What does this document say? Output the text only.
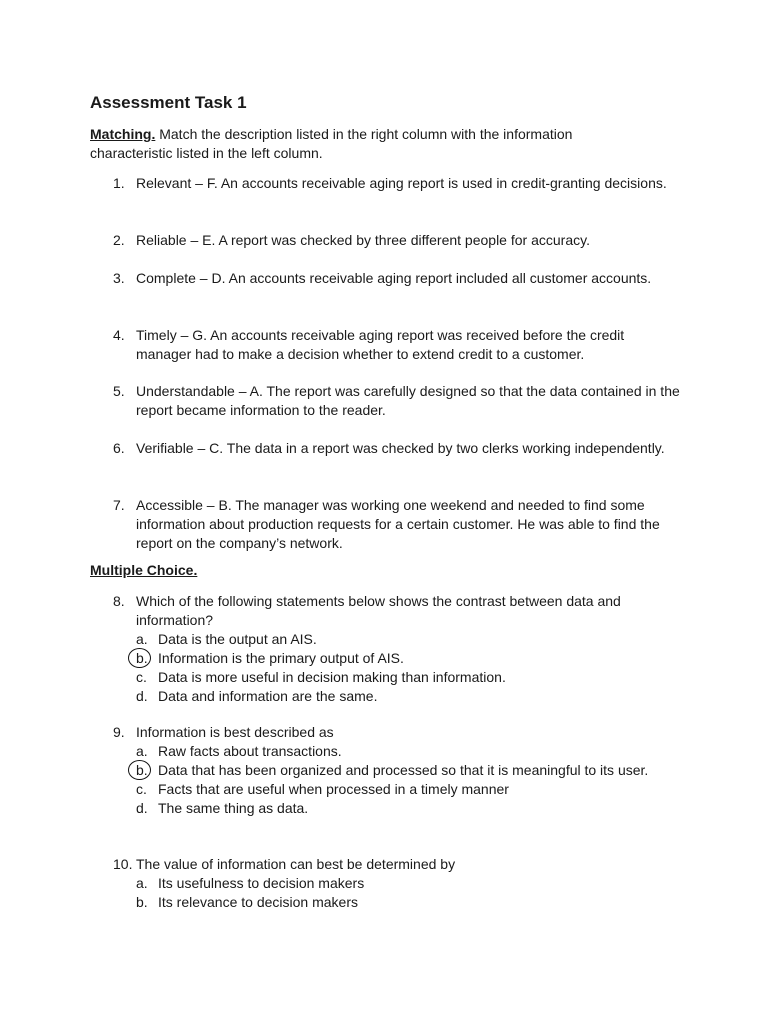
Assessment Task 1

Matching. Match the description listed in the right column with the information characteristic listed in the left column.

1. Relevant – F. An accounts receivable aging report is used in credit-granting decisions.
2. Reliable – E. A report was checked by three different people for accuracy.
3. Complete – D. An accounts receivable aging report included all customer accounts.
4. Timely – G. An accounts receivable aging report was received before the credit manager had to make a decision whether to extend credit to a customer.
5. Understandable – A. The report was carefully designed so that the data contained in the report became information to the reader.
6. Verifiable – C. The data in a report was checked by two clerks working independently.
7. Accessible – B. The manager was working one weekend and needed to find some information about production requests for a certain customer. He was able to find the report on the company’s network.

Multiple Choice.

8. Which of the following statements below shows the contrast between data and information?
a. Data is the output an AIS.
b. Information is the primary output of AIS.
c. Data is more useful in decision making than information.
d. Data and information are the same.
9. Information is best described as
a. Raw facts about transactions.
b. Data that has been organized and processed so that it is meaningful to its user.
c. Facts that are useful when processed in a timely manner
d. The same thing as data.
10. The value of information can best be determined by
a. Its usefulness to decision makers
b. Its relevance to decision makers
